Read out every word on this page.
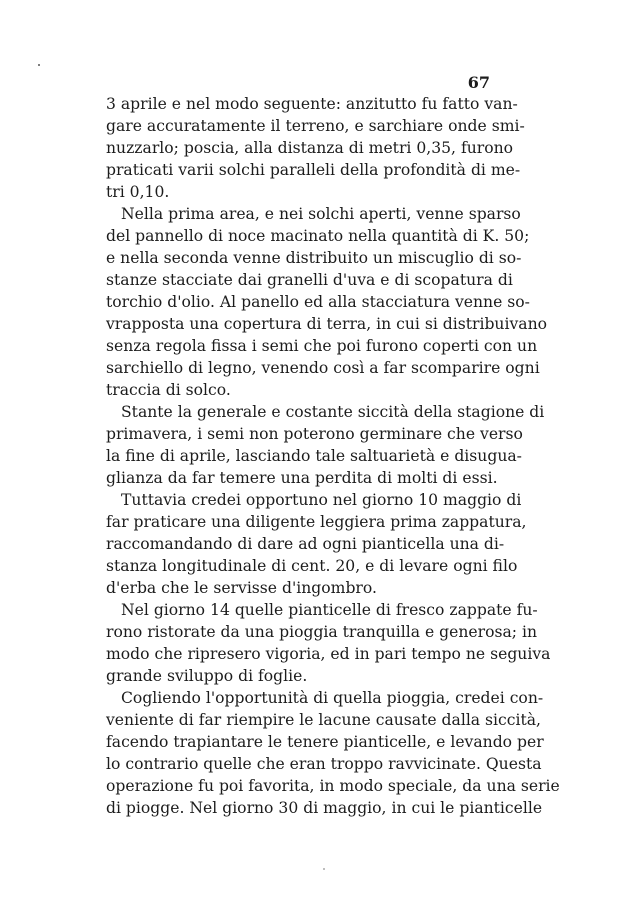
67
3 aprile e nel modo seguente: anzitutto fu fatto van-
gare accuratamente il terreno, e sarchiare onde smi-
nuzzarlo; poscia, alla distanza di metri 0,35, furono
praticati varii solchi paralleli della profondità di me-
tri 0,10.
Nella prima area, e nei solchi aperti, venne sparso
del pannello di noce macinato nella quantità di K. 50;
e nella seconda venne distribuito un miscuglio di so-
stanze stacciate dai granelli d'uva e di scopatura di
torchio d'olio. Al panello ed alla stacciatura venne so-
vrapposta una copertura di terra, in cui si distribuivano
senza regola fissa i semi che poi furono coperti con un
sarchiello di legno, venendo così a far scomparire ogni
traccia di solco.
Stante la generale e costante siccità della stagione di
primavera, i semi non poterono germinare che verso
la fine di aprile, lasciando tale saltuarietà e disugua-
glianza da far temere una perdita di molti di essi.
Tuttavia credei opportuno nel giorno 10 maggio di
far praticare una diligente leggiera prima zappatura,
raccomandando di dare ad ogni pianticella una di-
stanza longitudinale di cent. 20, e di levare ogni filo
d'erba che le servisse d'ingombro.
Nel giorno 14 quelle pianticelle di fresco zappate fu-
rono ristorate da una pioggia tranquilla e generosa; in
modo che ripresero vigoria, ed in pari tempo ne seguiva
grande sviluppo di foglie.
Cogliendo l'opportunità di quella pioggia, credei con-
veniente di far riempire le lacune causate dalla siccità,
facendo trapiantare le tenere pianticelle, e levando per
lo contrario quelle che eran troppo ravvicinate. Questa
operazione fu poi favorita, in modo speciale, da una serie
di piogge. Nel giorno 30 di maggio, in cui le pianticelle
